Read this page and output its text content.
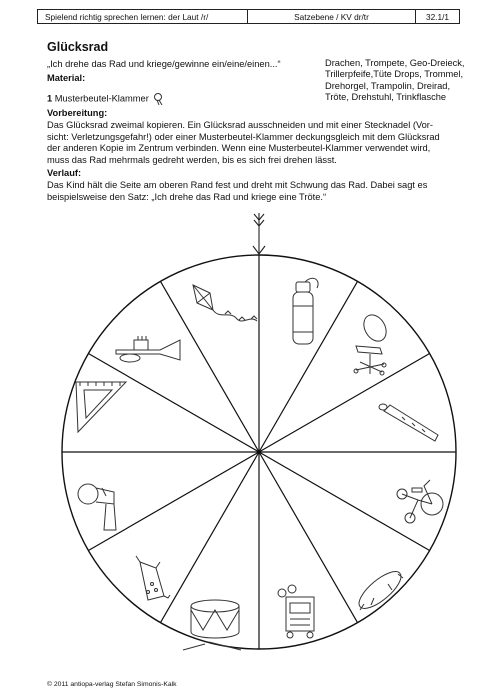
Spielend richtig sprechen lernen: der Laut /r/	Satzebene / KV dr/tr	32.1/1
Glücksrad
„Ich drehe das Rad und kriege/gewinne ein/eine/einen...“	Drachen, Trompete, Geo-Dreieck,
Trillerpfeife,Tüte Drops, Trommel,
Drehorgel, Trampolin, Dreirad,
Tröte, Drehstuhl, Trinkflasche
Material:
1 Musterbeutel-Klammer
Vorbereitung:
Das Glücksrad zweimal kopieren. Ein Glücksrad ausschneiden und mit einer Stecknadel (Vor-
sicht: Verletzungsgefahr!) oder einer Musterbeutel-Klammer deckungsgleich mit dem Glücksrad
der anderen Kopie im Zentrum verbinden. Wenn eine Musterbeutel-Klammer verwendet wird,
muss das Rad mehrmals gedreht werden, bis es sich frei drehen lässt.
Verlauf:
Das Kind hält die Seite am oberen Rand fest und dreht mit Schwung das Rad. Dabei sagt es
beispielsweise den Satz: „Ich drehe das Rad und kriege eine Tröte.“
© 2011 antiopa-verlag Stefan Simonis-Kalk
